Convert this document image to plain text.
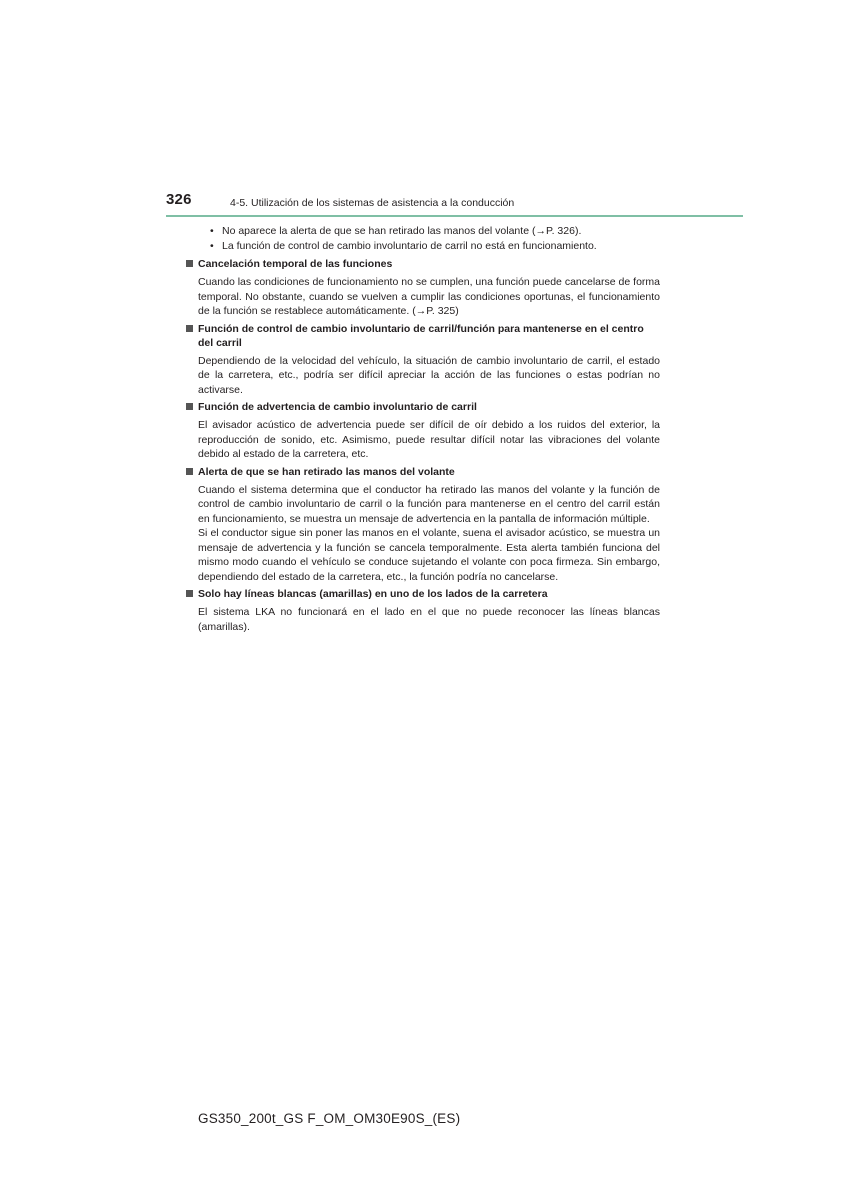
326	4-5. Utilización de los sistemas de asistencia a la conducción
• No aparece la alerta de que se han retirado las manos del volante (→P. 326).
• La función de control de cambio involuntario de carril no está en funcionamiento.
Cancelación temporal de las funciones

Cuando las condiciones de funcionamiento no se cumplen, una función puede cancelarse de forma temporal. No obstante, cuando se vuelven a cumplir las condiciones oportunas, el funcionamiento de la función se restablece automáticamente. (→P. 325)

Función de control de cambio involuntario de carril/función para mantenerse en el centro del carril

Dependiendo de la velocidad del vehículo, la situación de cambio involuntario de carril, el estado de la carretera, etc., podría ser difícil apreciar la acción de las funciones o estas podrían no activarse.

Función de advertencia de cambio involuntario de carril

El avisador acústico de advertencia puede ser difícil de oír debido a los ruidos del exterior, la reproducción de sonido, etc. Asimismo, puede resultar difícil notar las vibraciones del volante debido al estado de la carretera, etc.

Alerta de que se han retirado las manos del volante

Cuando el sistema determina que el conductor ha retirado las manos del volante y la función de control de cambio involuntario de carril o la función para mantenerse en el centro del carril están en funcionamiento, se muestra un mensaje de advertencia en la pantalla de información múltiple.

Si el conductor sigue sin poner las manos en el volante, suena el avisador acústico, se muestra un mensaje de advertencia y la función se cancela temporalmente. Esta alerta también funciona del mismo modo cuando el vehículo se conduce sujetando el volante con poca firmeza. Sin embargo, dependiendo del estado de la carretera, etc., la función podría no cancelarse.

Solo hay líneas blancas (amarillas) en uno de los lados de la carretera

El sistema LKA no funcionará en el lado en el que no puede reconocer las líneas blancas (amarillas).

GS350_200t_GS F_OM_OM30E90S_(ES)
